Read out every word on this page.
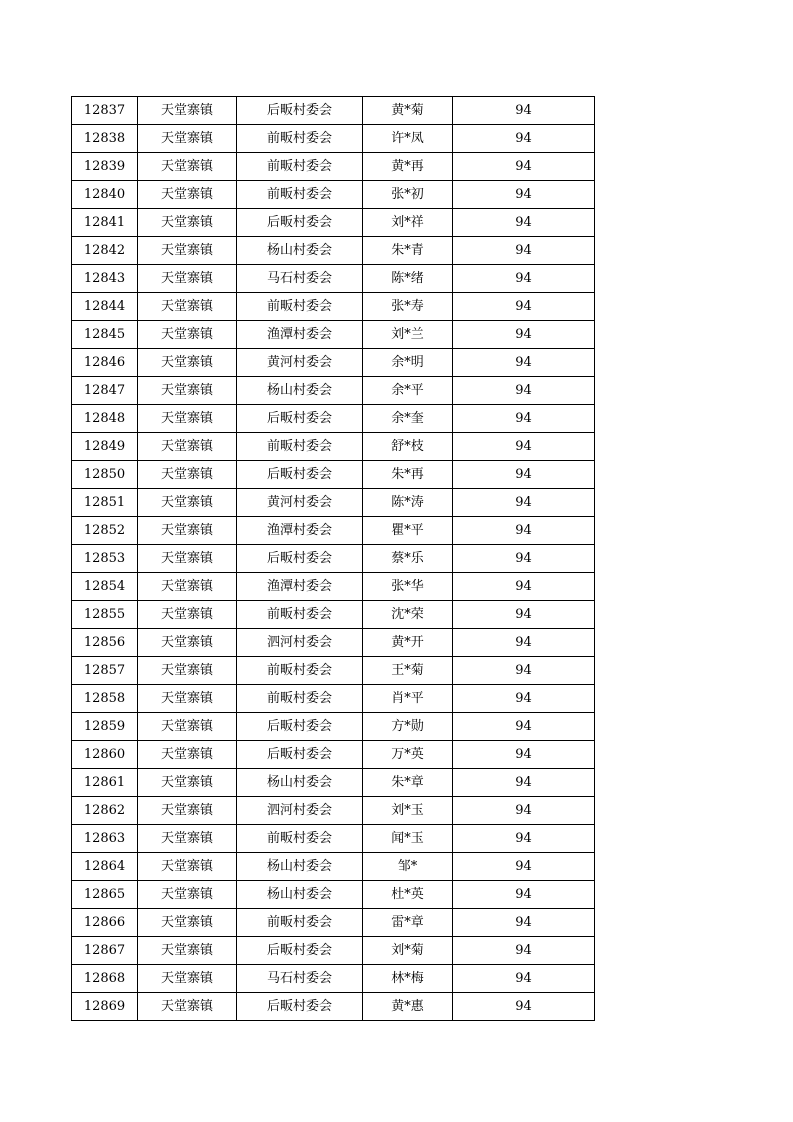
12837	天堂寨镇	后畈村委会	黄*菊	94
12838	天堂寨镇	前畈村委会	许*凤	94
12839	天堂寨镇	前畈村委会	黄*再	94
12840	天堂寨镇	前畈村委会	张*初	94
12841	天堂寨镇	后畈村委会	刘*祥	94
12842	天堂寨镇	杨山村委会	朱*青	94
12843	天堂寨镇	马石村委会	陈*绪	94
12844	天堂寨镇	前畈村委会	张*寿	94
12845	天堂寨镇	渔潭村委会	刘*兰	94
12846	天堂寨镇	黄河村委会	余*明	94
12847	天堂寨镇	杨山村委会	余*平	94
12848	天堂寨镇	后畈村委会	余*奎	94
12849	天堂寨镇	前畈村委会	舒*枝	94
12850	天堂寨镇	后畈村委会	朱*再	94
12851	天堂寨镇	黄河村委会	陈*涛	94
12852	天堂寨镇	渔潭村委会	瞿*平	94
12853	天堂寨镇	后畈村委会	蔡*乐	94
12854	天堂寨镇	渔潭村委会	张*华	94
12855	天堂寨镇	前畈村委会	沈*荣	94
12856	天堂寨镇	泗河村委会	黄*开	94
12857	天堂寨镇	前畈村委会	王*菊	94
12858	天堂寨镇	前畈村委会	肖*平	94
12859	天堂寨镇	后畈村委会	方*勋	94
12860	天堂寨镇	后畈村委会	万*英	94
12861	天堂寨镇	杨山村委会	朱*章	94
12862	天堂寨镇	泗河村委会	刘*玉	94
12863	天堂寨镇	前畈村委会	闻*玉	94
12864	天堂寨镇	杨山村委会	邹*	94
12865	天堂寨镇	杨山村委会	杜*英	94
12866	天堂寨镇	前畈村委会	雷*章	94
12867	天堂寨镇	后畈村委会	刘*菊	94
12868	天堂寨镇	马石村委会	林*梅	94
12869	天堂寨镇	后畈村委会	黄*惠	94
